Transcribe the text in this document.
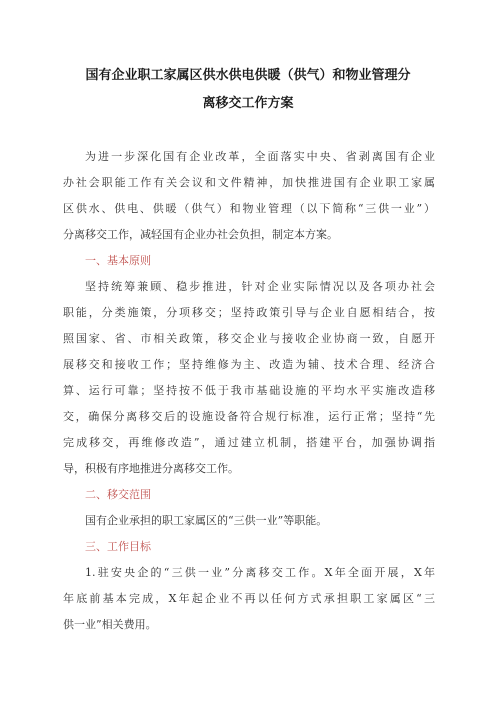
国有企业职工家属区供水供电供暖（供气）和物业管理分
离移交工作方案
为进一步深化国有企业改革，全面落实中央、省剥离国有企业
办社会职能工作有关会议和文件精神，加快推进国有企业职工家属
区供水、供电、供暖（供气）和物业管理（以下简称“三供一业”）
分离移交工作，减轻国有企业办社会负担，制定本方案。
一、基本原则
坚持统筹兼顾、稳步推进，针对企业实际情况以及各项办社会
职能，分类施策，分项移交；坚持政策引导与企业自愿相结合，按
照国家、省、市相关政策，移交企业与接收企业协商一致，自愿开
展移交和接收工作；坚持维修为主、改造为辅、技术合理、经济合
算、运行可靠；坚持按不低于我市基础设施的平均水平实施改造移
交，确保分离移交后的设施设备符合规行标准，运行正常；坚持“先
完成移交，再维修改造”，通过建立机制，搭建平台，加强协调指
导，积极有序地推进分离移交工作。
二、移交范围
国有企业承担的职工家属区的“三供一业”等职能。
三、工作目标
1.驻安央企的“三供一业”分离移交工作。X年全面开展，X年
年底前基本完成，X年起企业不再以任何方式承担职工家属区“三
供一业”相关费用。
